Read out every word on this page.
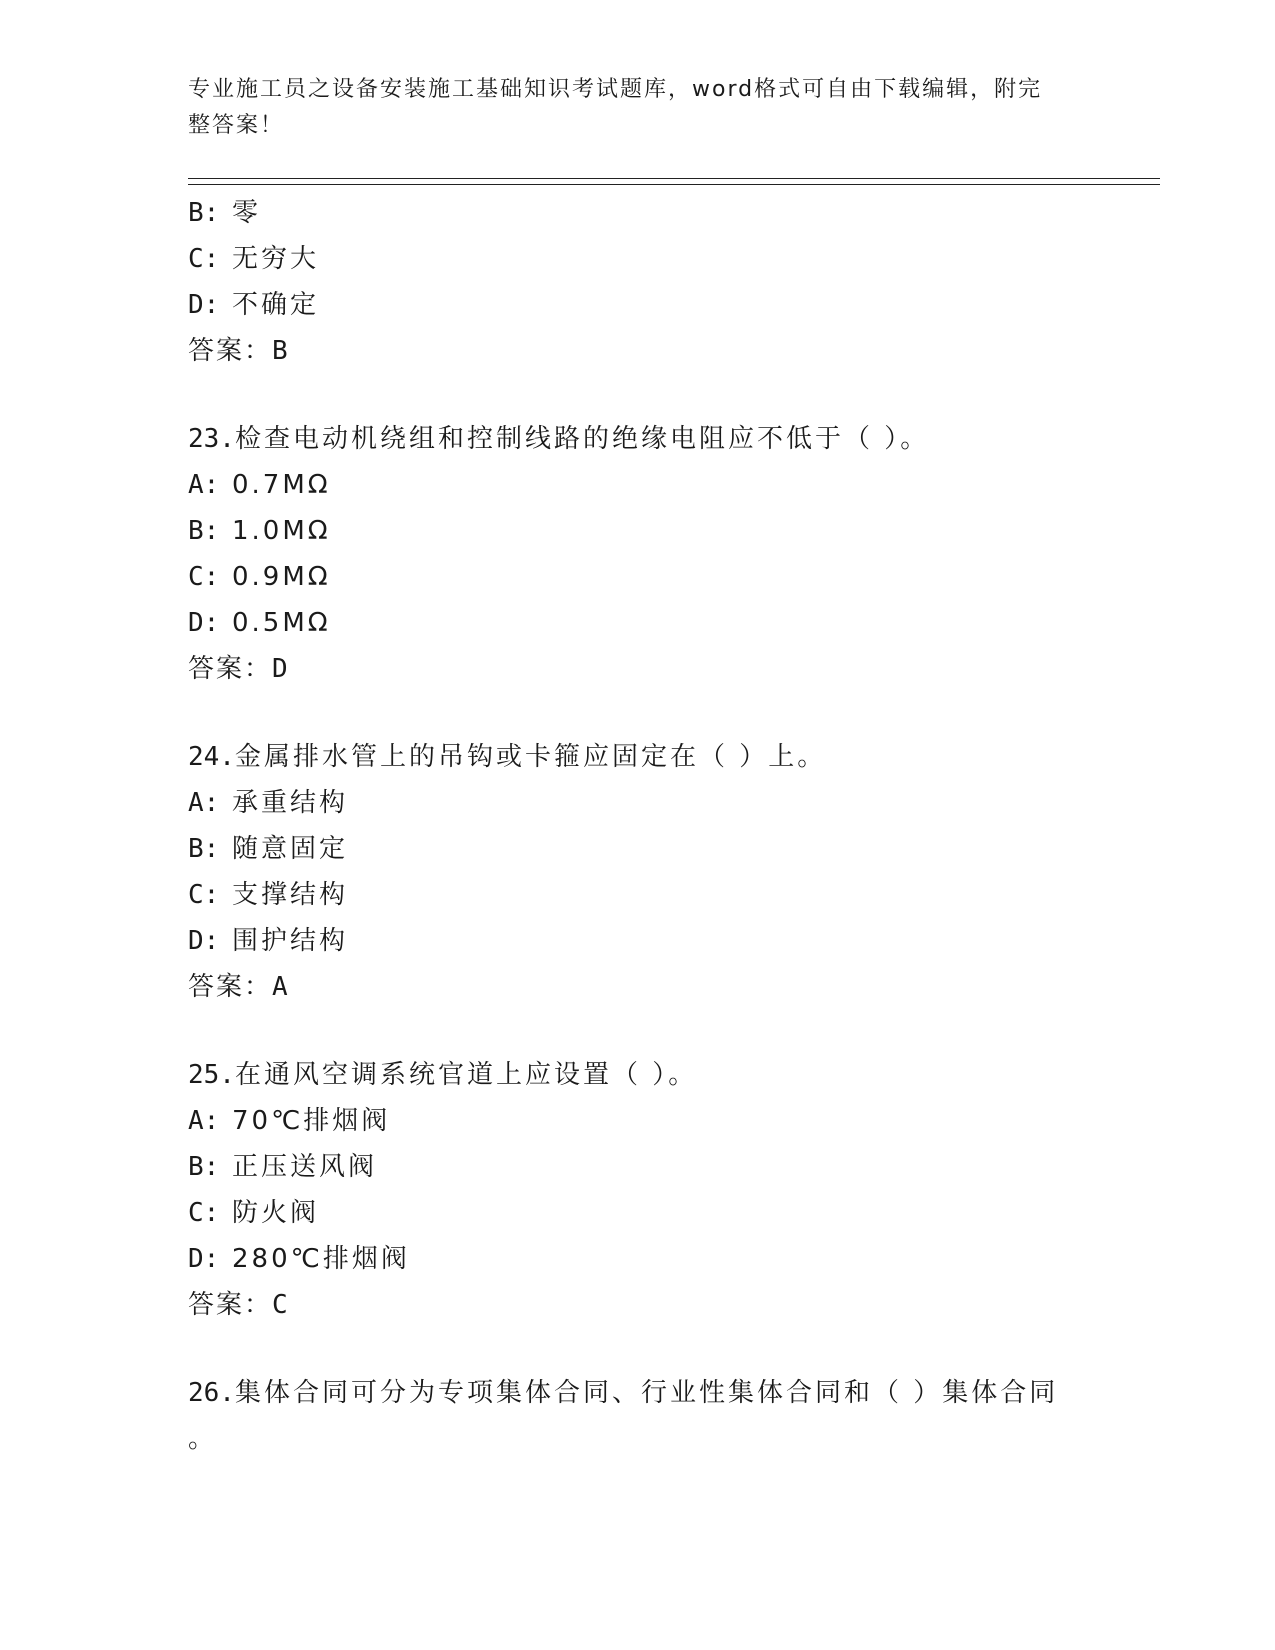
专业施工员之设备安装施工基础知识考试题库，word格式可自由下载编辑，附完
整答案！
B: 零
C: 无穷大
D: 不确定
答案：B
23.检查电动机绕组和控制线路的绝缘电阻应不低于（ ）。
A: 0.7MΩ
B: 1.0MΩ
C: 0.9MΩ
D: 0.5MΩ
答案：D
24.金属排水管上的吊钩或卡箍应固定在（ ）上。
A: 承重结构
B: 随意固定
C: 支撑结构
D: 围护结构
答案：A
25.在通风空调系统官道上应设置（ ）。
A: 70℃排烟阀
B: 正压送风阀
C: 防火阀
D: 280℃排烟阀
答案：C
26.集体合同可分为专项集体合同、行业性集体合同和（ ）集体合同
。
